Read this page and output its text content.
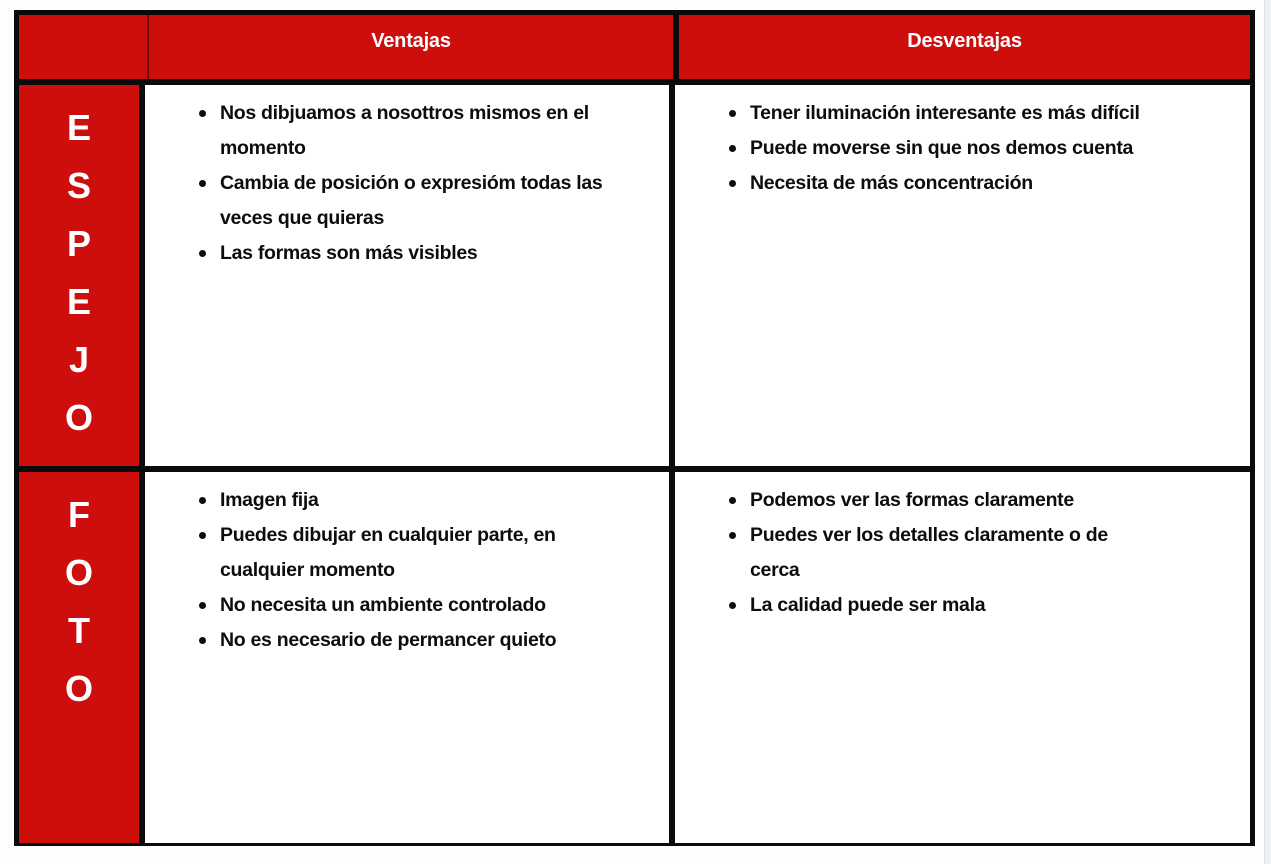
Ventajas	Desventajas
E
S
P
E
J
O
Nos dibjuamos a nosottros mismos en el momento
Cambia de posición o expresióm todas las veces que quieras
Las formas son más visibles
Tener iluminación interesante es más difícil
Puede moverse sin que nos demos cuenta
Necesita de más concentración
F
O
T
O
Imagen fija
Puedes dibujar en cualquier parte, en cualquier momento
No necesita un ambiente controlado
No es necesario de permancer quieto
Podemos ver las formas claramente
Puedes ver los detalles claramente o de cerca
La calidad puede ser mala
